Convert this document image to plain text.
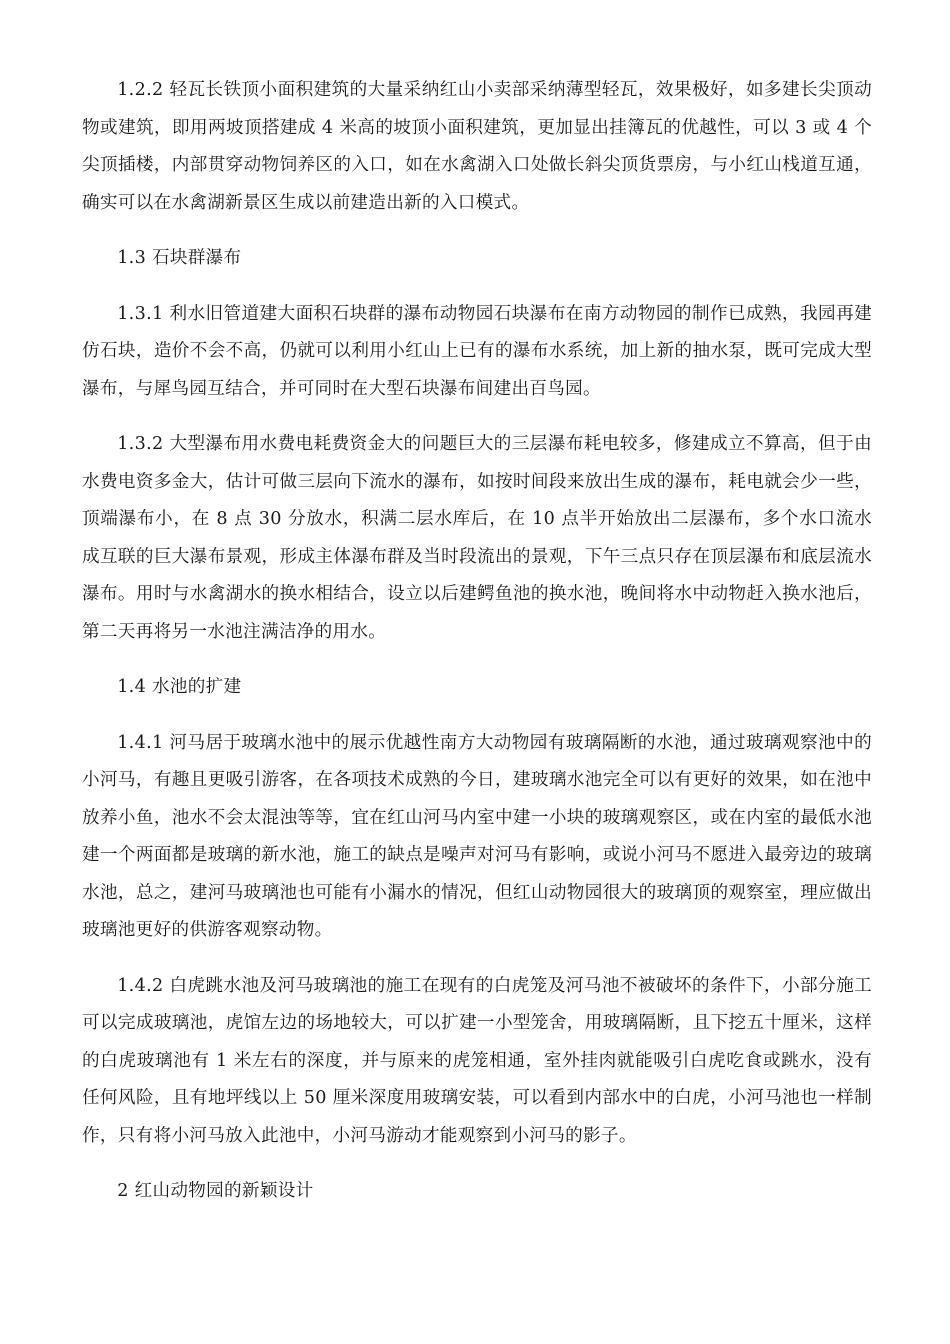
1.2.2 轻瓦长铁顶小面积建筑的大量采纳红山小卖部采纳薄型轻瓦，效果极好，如多建长尖顶动物或建筑，即用两坡顶搭建成 4 米高的坡顶小面积建筑，更加显出挂簿瓦的优越性，可以 3 或 4 个尖顶插楼，内部贯穿动物饲养区的入口，如在水禽湖入口处做长斜尖顶货票房，与小红山栈道互通，确实可以在水禽湖新景区生成以前建造出新的入口模式。

1.3 石块群瀑布

1.3.1 利水旧管道建大面积石块群的瀑布动物园石块瀑布在南方动物园的制作已成熟，我园再建仿石块，造价不会不高，仍就可以利用小红山上已有的瀑布水系统，加上新的抽水泵，既可完成大型瀑布，与犀鸟园互结合，并可同时在大型石块瀑布间建出百鸟园。

1.3.2 大型瀑布用水费电耗费资金大的问题巨大的三层瀑布耗电较多，修建成立不算高，但于由水费电资多金大，估计可做三层向下流水的瀑布，如按时间段来放出生成的瀑布，耗电就会少一些，顶端瀑布小，在 8 点 30 分放水，积满二层水库后，在 10 点半开始放出二层瀑布，多个水口流水成互联的巨大瀑布景观，形成主体瀑布群及当时段流出的景观，下午三点只存在顶层瀑布和底层流水瀑布。用时与水禽湖水的换水相结合，设立以后建鳄鱼池的换水池，晚间将水中动物赶入换水池后，第二天再将另一水池注满洁净的用水。

1.4 水池的扩建

1.4.1 河马居于玻璃水池中的展示优越性南方大动物园有玻璃隔断的水池，通过玻璃观察池中的小河马，有趣且更吸引游客，在各项技术成熟的今日，建玻璃水池完全可以有更好的效果，如在池中放养小鱼，池水不会太混浊等等，宜在红山河马内室中建一小块的玻璃观察区，或在内室的最低水池建一个两面都是玻璃的新水池，施工的缺点是噪声对河马有影响，或说小河马不愿进入最旁边的玻璃水池，总之，建河马玻璃池也可能有小漏水的情况，但红山动物园很大的玻璃顶的观察室，理应做出玻璃池更好的供游客观察动物。

1.4.2 白虎跳水池及河马玻璃池的施工在现有的白虎笼及河马池不被破坏的条件下，小部分施工可以完成玻璃池，虎馆左边的场地较大，可以扩建一小型笼舍，用玻璃隔断，且下挖五十厘米，这样的白虎玻璃池有 1 米左右的深度，并与原来的虎笼相通，室外挂肉就能吸引白虎吃食或跳水，没有任何风险，且有地坪线以上 50 厘米深度用玻璃安装，可以看到内部水中的白虎，小河马池也一样制作，只有将小河马放入此池中，小河马游动才能观察到小河马的影子。

2 红山动物园的新颖设计
